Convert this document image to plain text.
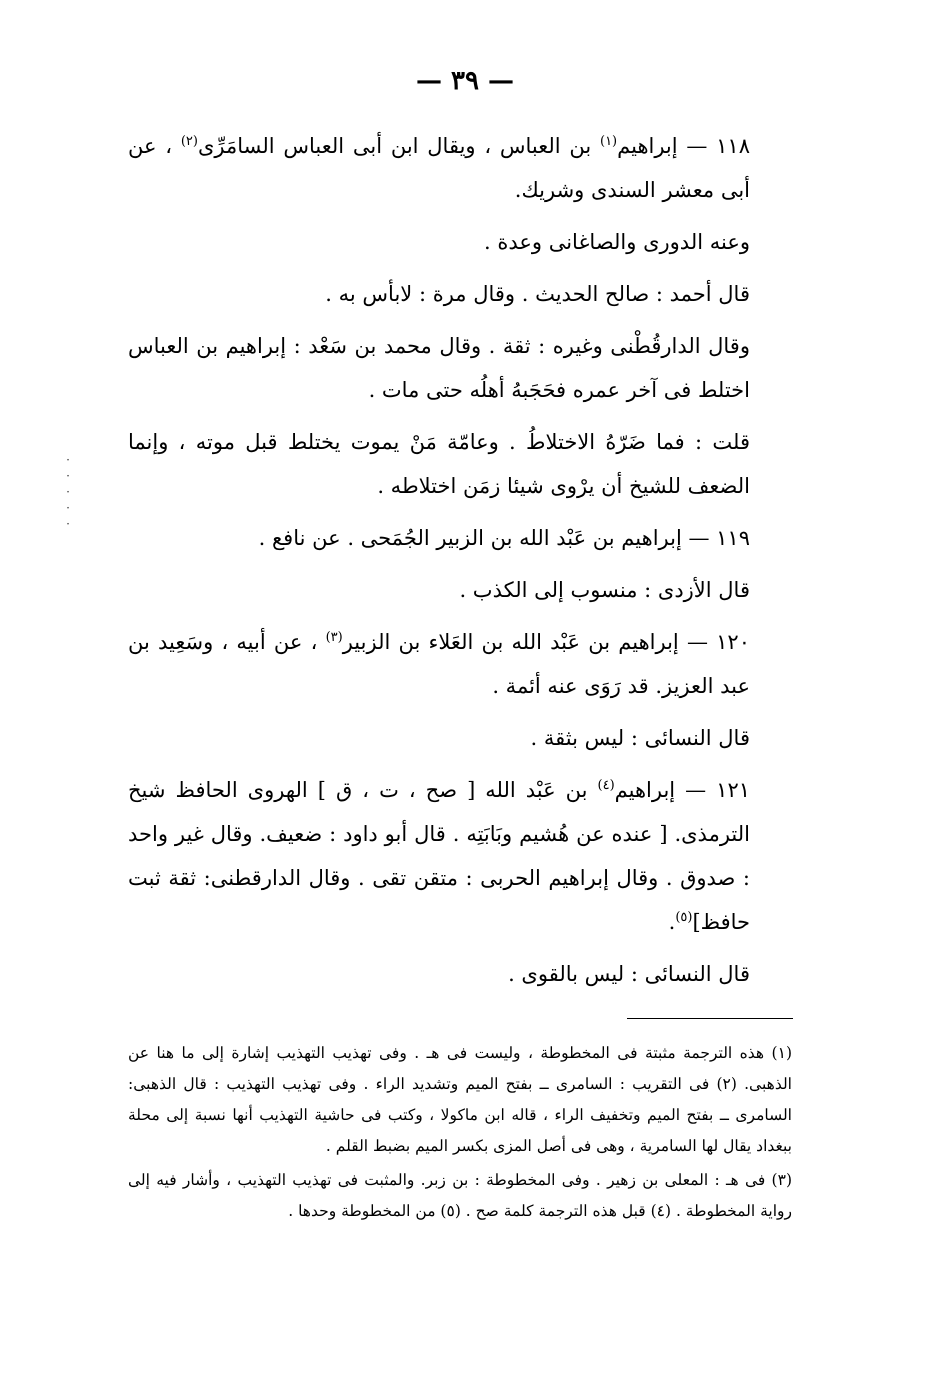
— ٣٩ —
·
·
·
·
·

١١٨ — إبراهيم$^{(١)}$ بن العباس ، ويقال ابن أبى العباس السامَرِّى$^{(٢)}$ ، عن أبى معشر السندى وشريك.

وعنه الدورى والصاغانى وعدة .

قال أحمد : صالح الحديث . وقال مرة : لابأس به .

وقال الدارقُطْنى وغيره : ثقة . وقال محمد بن سَعْد : إبراهيم بن العباس اختلط فى آخر عمره فحَجَبهُ أهلُه حتى مات .

قلت : فما ضَرّهُ الاختلاطُ . وعامّة مَنْ يموت يختلط قبل موته ، وإنما الضعف للشيخ أن يرْوى شيئا زمَن اختلاطه .

١١٩ — إبراهيم بن عَبْد الله بن الزبير الجُمَحى . عن نافع .

قال الأزدى : منسوب إلى الكذب .

١٢٠ — إبراهيم بن عَبْد الله بن العَلاء بن الزبير$^{(٣)}$ ، عن أبيه ، وسَعِيد بن عبد العزيز. قد رَوَى عنه أئمة .

قال النسائى : ليس بثقة .

١٢١ — إبراهيم$^{(٤)}$ بن عَبْد الله [ صح ، ت ، ق ] الهروى الحافظ شيخ الترمذى. [ عنده عن هُشيم وبَابَتِه . قال أبو داود : ضعيف. وقال غير واحد : صدوق . وقال إبراهيم الحربى : متقن تقى . وقال الدارقطنى: ثقة ثبت حافظ]$^{(٥)}$.

قال النسائى : ليس بالقوى .

(١) هذه الترجمة مثبتة فى المخطوطة ، وليست فى هـ . وفى تهذيب التهذيب إشارة إلى ما هنا عن الذهبى. (٢) فى التقريب : السامرى ــ بفتح الميم وتشديد الراء . وفى تهذيب التهذيب : قال الذهبى: السامرى ــ بفتح الميم وتخفيف الراء ، قاله ابن ماكولا ، وكتب فى حاشية التهذيب أنها نسبة إلى محلة ببغداد يقال لها السامرية ، وهى فى أصل المزى بكسر الميم بضبط القلم .

(٣) فى هـ : المعلى بن زهير . وفى المخطوطة : بن زبر. والمثبت فى تهذيب التهذيب ، وأشار فيه إلى رواية المخطوطة . (٤) قبل هذه الترجمة كلمة صح . (٥) من المخطوطة وحدها .
